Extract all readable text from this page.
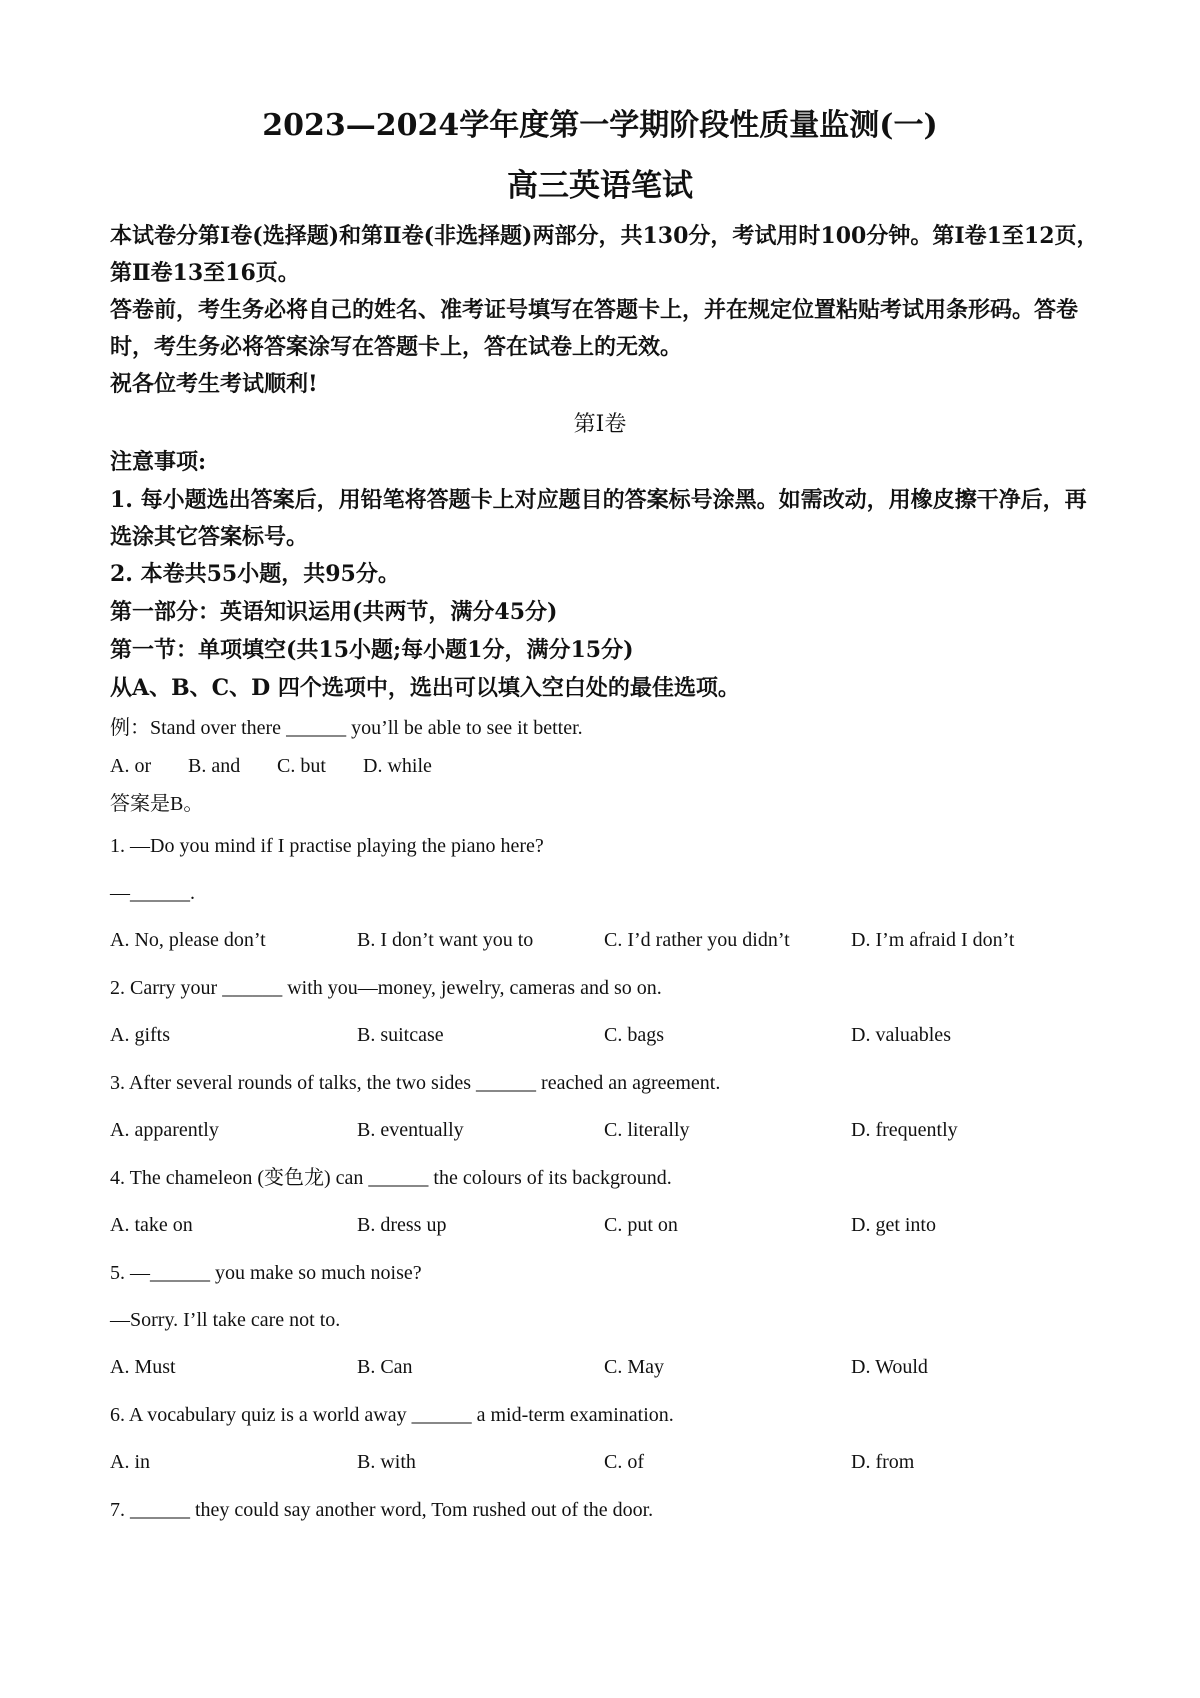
2023—2024学年度第一学期阶段性质量监测(一)
高三英语笔试
本试卷分第Ⅰ卷(选择题)和第Ⅱ卷(非选择题)两部分，共130分，考试用时100分钟。第Ⅰ卷1至12页，第Ⅱ卷13至16页。
答卷前，考生务必将自己的姓名、准考证号填写在答题卡上，并在规定位置粘贴考试用条形码。答卷时，考生务必将答案涂写在答题卡上，答在试卷上的无效。
祝各位考生考试顺利!
第Ⅰ卷
注意事项:
1. 每小题选出答案后，用铅笔将答题卡上对应题目的答案标号涂黑。如需改动，用橡皮擦干净后，再选涂其它答案标号。
2. 本卷共55小题，共95分。
第一部分：英语知识运用(共两节，满分45分)
第一节：单项填空(共15小题;每小题1分，满分15分)
从A、B、C、D 四个选项中，选出可以填入空白处的最佳选项。
例：Stand over there ______ you’ll be able to see it better.
A. or B. and C. but D. while
答案是B。
1. —Do you mind if I practise playing the piano here?
—______.
A. No, please don’t	B. I don’t want you to	C. I’d rather you didn’t	D. I’m afraid I don’t
2. Carry your ______ with you—money, jewelry, cameras and so on.
A. gifts	B. suitcase	C. bags	D. valuables
3. After several rounds of talks, the two sides ______ reached an agreement.
A. apparently	B. eventually	C. literally	D. frequently
4. The chameleon (变色龙) can ______ the colours of its background.
A. take on	B. dress up	C. put on	D. get into
5. —______ you make so much noise?
—Sorry. I’ll take care not to.
A. Must	B. Can	C. May	D. Would
6. A vocabulary quiz is a world away ______ a mid-term examination.
A. in	B. with	C. of	D. from
7. ______ they could say another word, Tom rushed out of the door.
